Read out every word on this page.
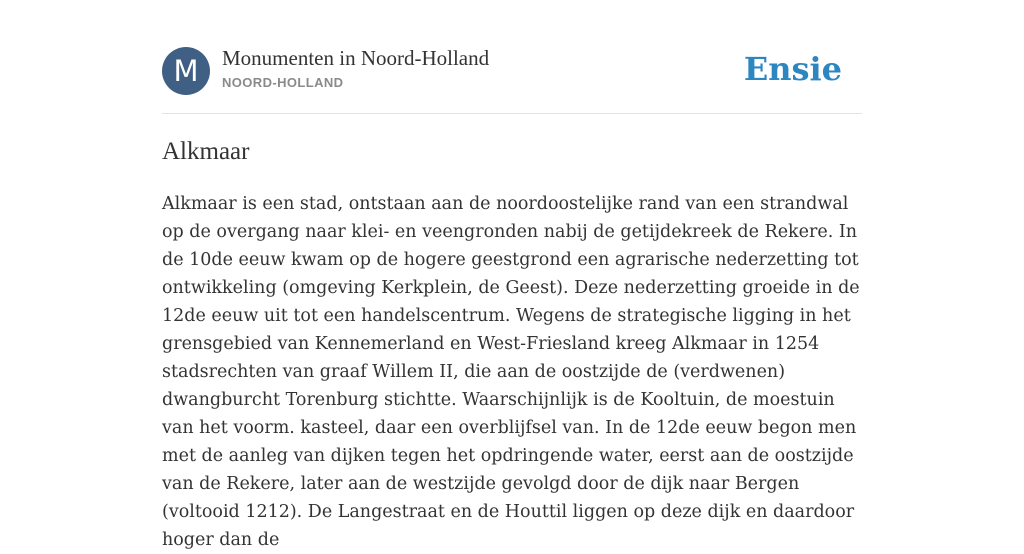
M	Monumenten in Noord-Holland
NOORD-HOLLAND	Ensie
Alkmaar

Alkmaar is een stad, ontstaan aan de noordoostelijke rand van een strandwal op de overgang naar klei- en veengronden nabij de getijdekreek de Rekere. In de 10de eeuw kwam op de hogere geestgrond een agrarische nederzetting tot ontwikkeling (omgeving Kerkplein, de Geest). Deze nederzetting groeide in de 12de eeuw uit tot een handelscentrum. Wegens de strategische ligging in het grensgebied van Kennemerland en West-Friesland kreeg Alkmaar in 1254 stadsrechten van graaf Willem II, die aan de oostzijde de (verdwenen) dwangburcht Torenburg stichtte. Waarschijnlijk is de Kooltuin, de moestuin van het voorm. kasteel, daar een overblijfsel van. In de 12de eeuw begon men met de aanleg van dijken tegen het opdringende water, eerst aan de oostzijde van de Rekere, later aan de westzijde gevolgd door de dijk naar Bergen (voltooid 1212). De Langestraat en de Houttil liggen op deze dijk en daardoor hoger dan de
